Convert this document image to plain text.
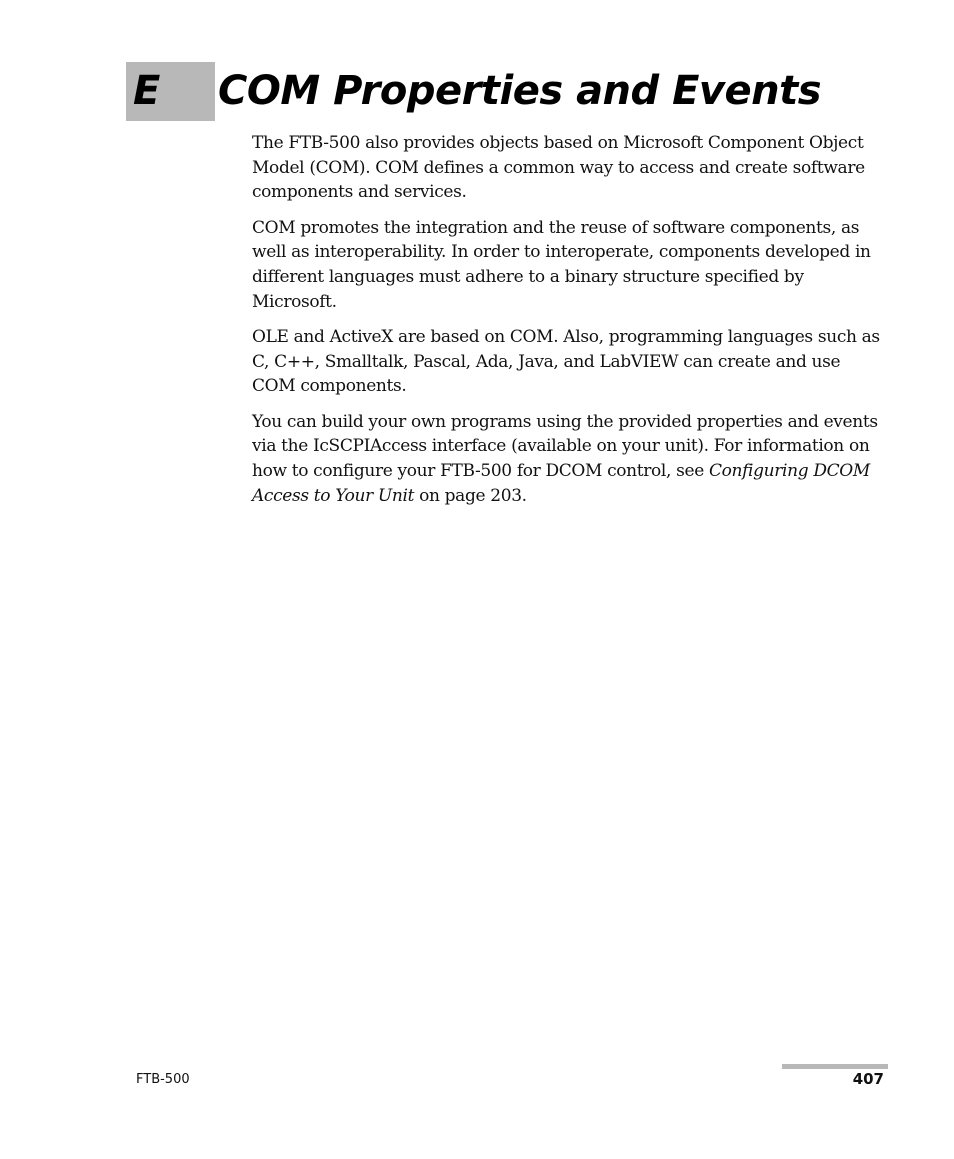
E COM Properties and Events

The FTB-500 also provides objects based on Microsoft Component Object Model (COM). COM defines a common way to access and create software components and services.

COM promotes the integration and the reuse of software components, as well as interoperability. In order to interoperate, components developed in different languages must adhere to a binary structure specified by Microsoft.

OLE and ActiveX are based on COM. Also, programming languages such as C, C++, Smalltalk, Pascal, Ada, Java, and LabVIEW can create and use COM components.

You can build your own programs using the provided properties and events via the IcSCPIAccess interface (available on your unit). For information on how to configure your FTB-500 for DCOM control, see Configuring DCOM Access to Your Unit on page 203.

FTB-500	407
